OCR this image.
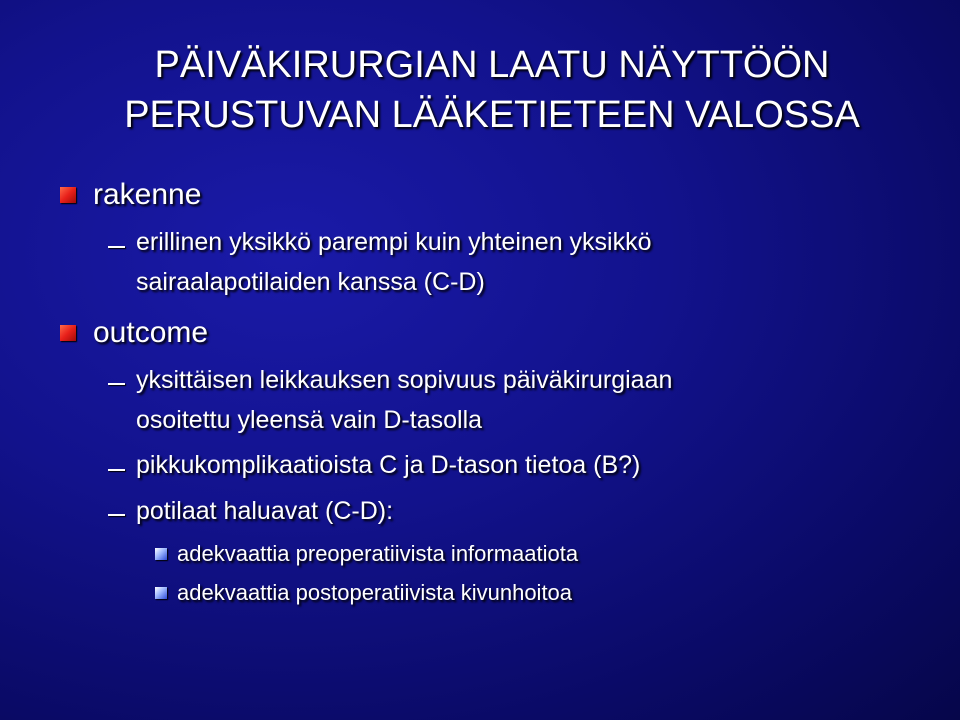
PÄIVÄKIRURGIAN LAATU NÄYTTÖÖN
PERUSTUVAN LÄÄKETIETEEN VALOSSA
rakenne
erillinen yksikkö parempi kuin yhteinen yksikkö
sairaalapotilaiden kanssa (C-D)
outcome
yksittäisen leikkauksen sopivuus päiväkirurgiaan
osoitettu yleensä vain D-tasolla
pikkukomplikaatioista C ja D-tason tietoa (B?)
potilaat haluavat (C-D):
adekvaattia preoperatiivista informaatiota
adekvaattia postoperatiivista kivunhoitoa
